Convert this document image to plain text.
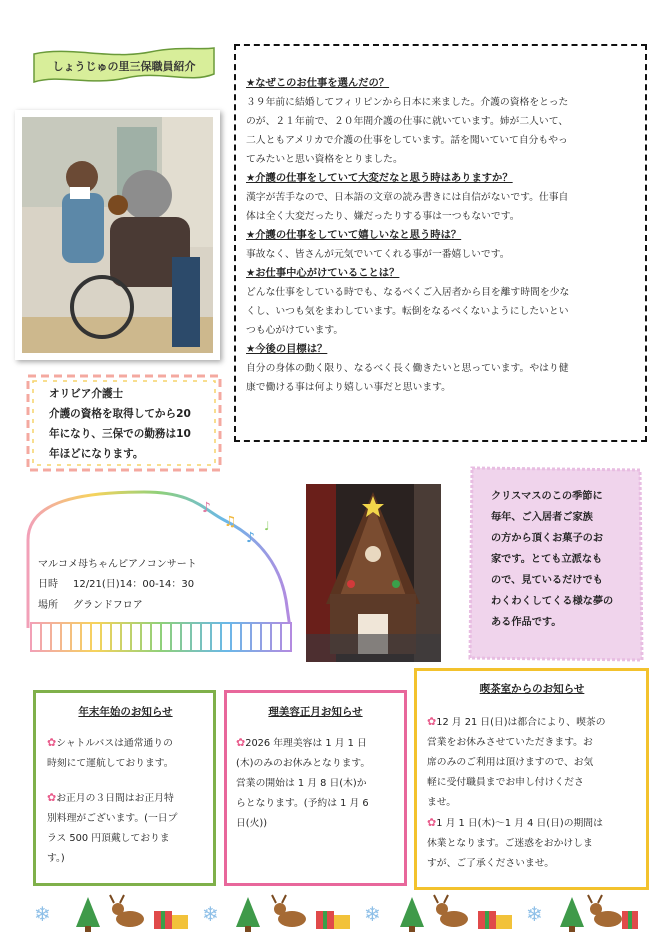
しょうじゅの里三保職員紹介
オリビア介護士
介護の資格を取得してから20
年になり、三保での勤務は10
年ほどになります。

★なぜこのお仕事を選んだの？

３９年前に結婚してフィリピンから日本に来ました。介護の資格をとった

のが、２１年前で、２０年間介護の仕事に就いています。姉が二人いて、

二人ともアメリカで介護の仕事をしています。話を聞いていて自分もやっ

てみたいと思い資格をとりました。

★介護の仕事をしていて大変だなと思う時はありますか？

漢字が苦手なので、日本語の文章の読み書きには自信がないです。仕事自

体は全く大変だったり、嫌だったりする事は一つもないです。

★介護の仕事をしていて嬉しいなと思う時は？

事故なく、皆さんが元気でいてくれる事が一番嬉しいです。

★お仕事中心がけていることは？

どんな仕事をしている時でも、なるべくご入居者から目を離す時間を少な

くし、いつも気をまわしています。転倒をなるべくないようにしたいとい

つも心がけています。

★今後の目標は？

自分の身体の動く限り、なるべく長く働きたいと思っています。やはり健

康で働ける事は何より嬉しい事だと思います。

♪
♫
♪
♩
マルコメ母ちゃんピアノコンサート
日時 12/21(日)14：00-14：30
場所 グランドフロア
クリスマスのこの季節に
毎年、ご入居者ご家族
の方から頂くお菓子のお
家です。とても立派なも
ので、見ているだけでも
わくわくしてくる様な夢の
ある作品です。
年末年始のお知らせ

✿シャトルバスは通常通りの

時刻にて運航しております。

✿お正月の３日間はお正月特

別料理がございます。(一日プ

ラス 500 円頂戴しておりま

す。)

理美容正月お知らせ

✿2026 年理美容は 1 月 1 日

(木)のみのお休みとなります。

営業の開始は 1 月 8 日(木)か

らとなります。(予約は 1 月 6

日(火))

喫茶室からのお知らせ

✿12 月 21 日(日)は都合により、喫茶の

営業をお休みさせていただきます。お

席のみのご利用は頂けますので、お気

軽に受付職員までお申し付けくださ

ませ。

✿1 月 1 日(木)～1 月 4 日(日)の期間は

休業となります。ご迷惑をおかけしま

すが、ご了承くださいませ。

❄	❄	❄	❄
